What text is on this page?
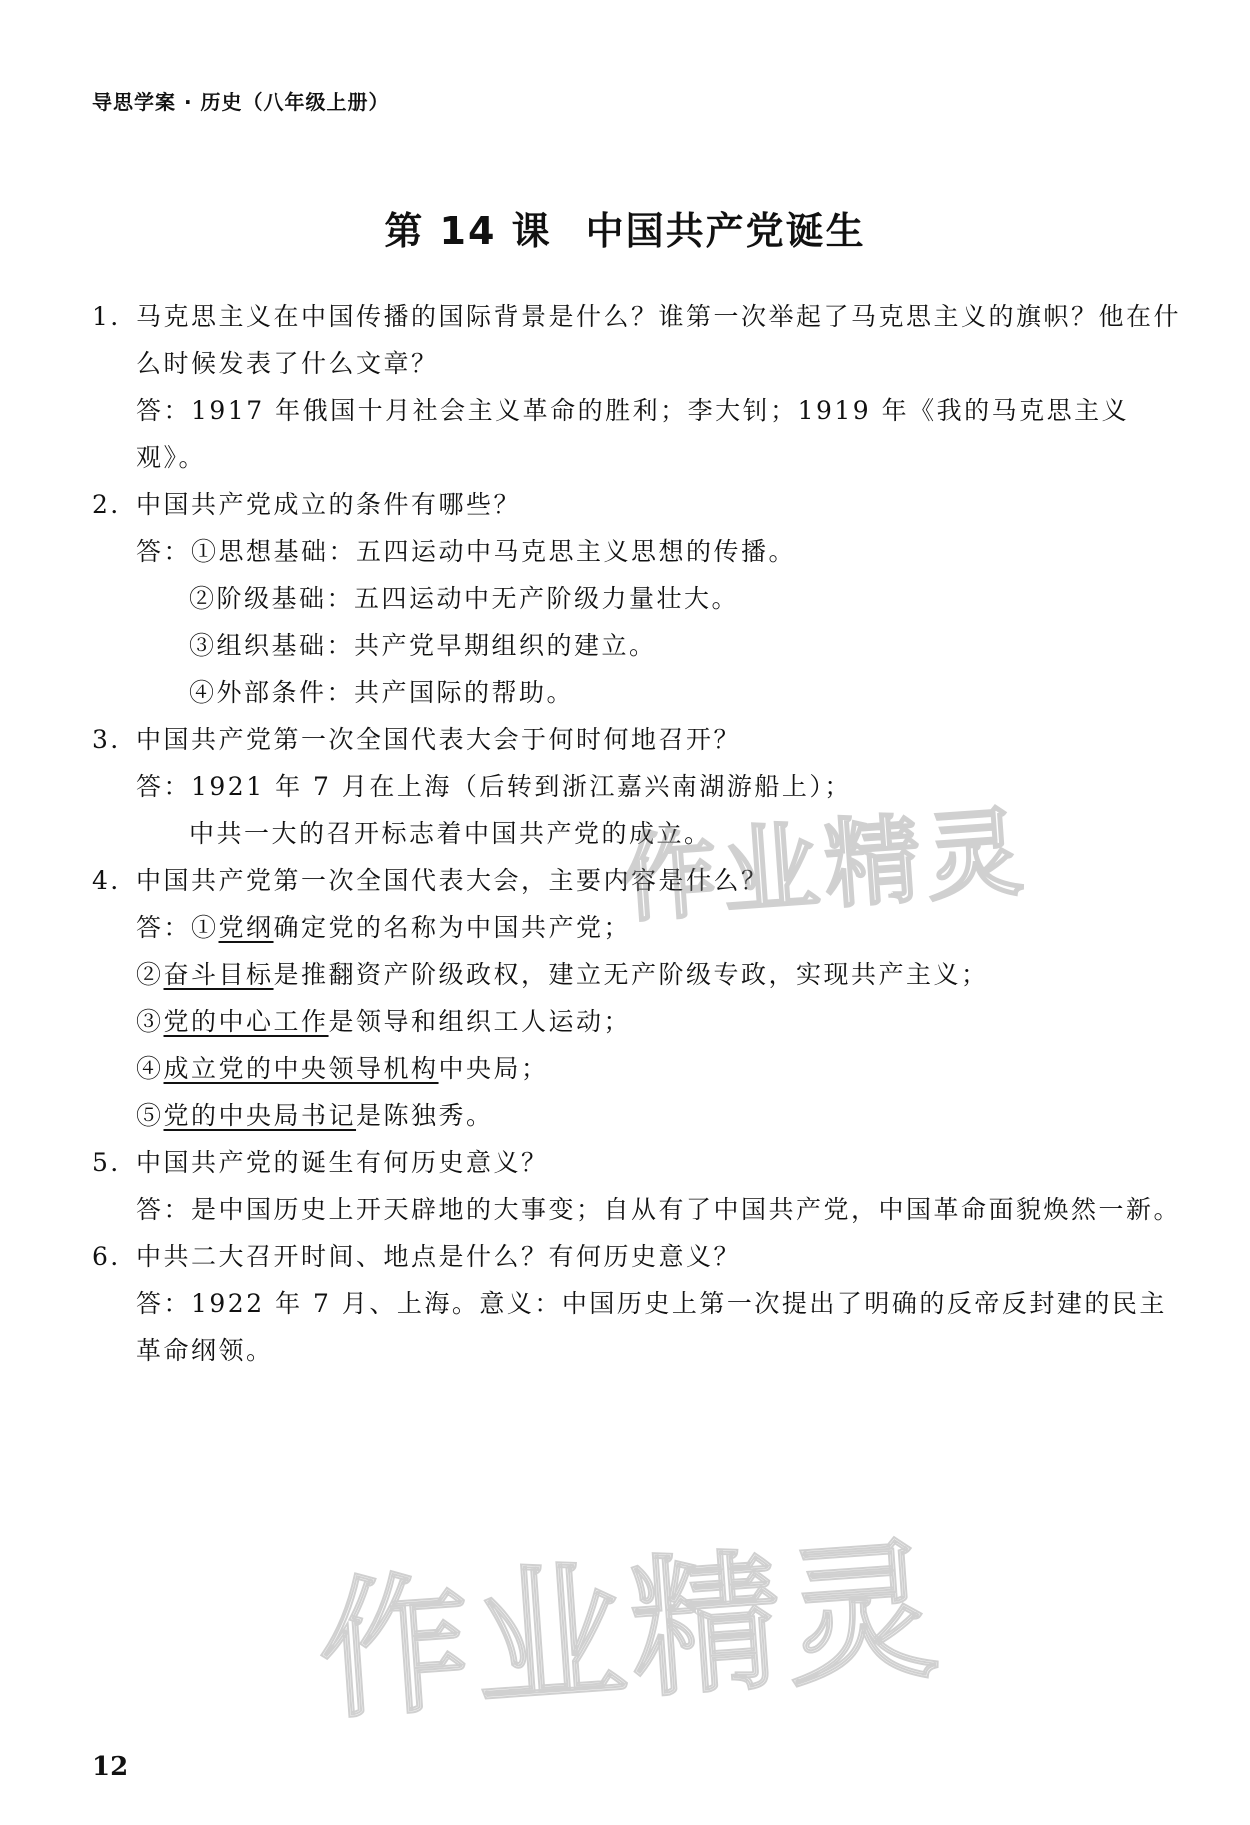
导思学案 · 历史（八年级上册）
第 14 课 中国共产党诞生
1．马克思主义在中国传播的国际背景是什么？谁第一次举起了马克思主义的旗帜？他在什么时候发表了什么文章？
答：1917 年俄国十月社会主义革命的胜利；李大钊；1919 年《我的马克思主义观》。
2．中国共产党成立的条件有哪些？
答：①思想基础：五四运动中马克思主义思想的传播。
②阶级基础：五四运动中无产阶级力量壮大。
③组织基础：共产党早期组织的建立。
④外部条件：共产国际的帮助。
3．中国共产党第一次全国代表大会于何时何地召开？
答：1921 年 7 月在上海（后转到浙江嘉兴南湖游船上）；
中共一大的召开标志着中国共产党的成立。
4．中国共产党第一次全国代表大会，主要内容是什么？
答：①党纲确定党的名称为中国共产党；
②奋斗目标是推翻资产阶级政权，建立无产阶级专政，实现共产主义；
③党的中心工作是领导和组织工人运动；
④成立党的中央领导机构中央局；
⑤党的中央局书记是陈独秀。
5．中国共产党的诞生有何历史意义？
答：是中国历史上开天辟地的大事变；自从有了中国共产党，中国革命面貌焕然一新。
6．中共二大召开时间、地点是什么？有何历史意义？
答：1922 年 7 月、上海。意义：中国历史上第一次提出了明确的反帝反封建的民主革命纲领。
作业精灵
作业精灵
12
